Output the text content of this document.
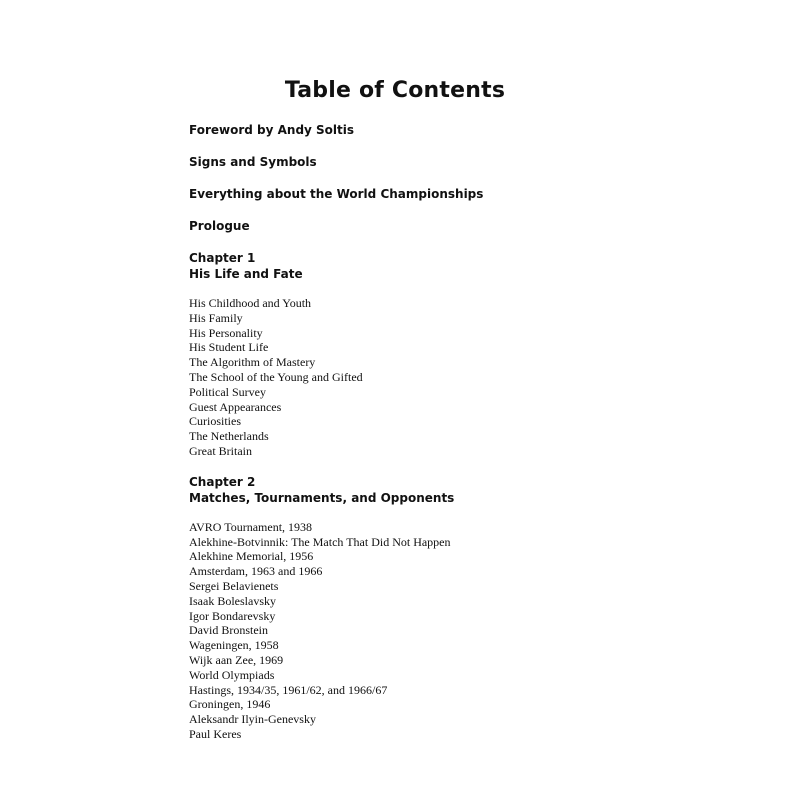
Table of Contents
Foreword by Andy Soltis
Signs and Symbols
Everything about the World Championships
Prologue
Chapter 1
His Life and Fate
His Childhood and Youth
His Family
His Personality
His Student Life
The Algorithm of Mastery
The School of the Young and Gifted
Political Survey
Guest Appearances
Curiosities
The Netherlands
Great Britain
Chapter 2
Matches, Tournaments, and Opponents
AVRO Tournament, 1938
Alekhine-Botvinnik: The Match That Did Not Happen
Alekhine Memorial, 1956
Amsterdam, 1963 and 1966
Sergei Belavienets
Isaak Boleslavsky
Igor Bondarevsky
David Bronstein
Wageningen, 1958
Wijk aan Zee, 1969
World Olympiads
Hastings, 1934/35, 1961/62, and 1966/67
Groningen, 1946
Aleksandr Ilyin-Genevsky
Paul Keres
